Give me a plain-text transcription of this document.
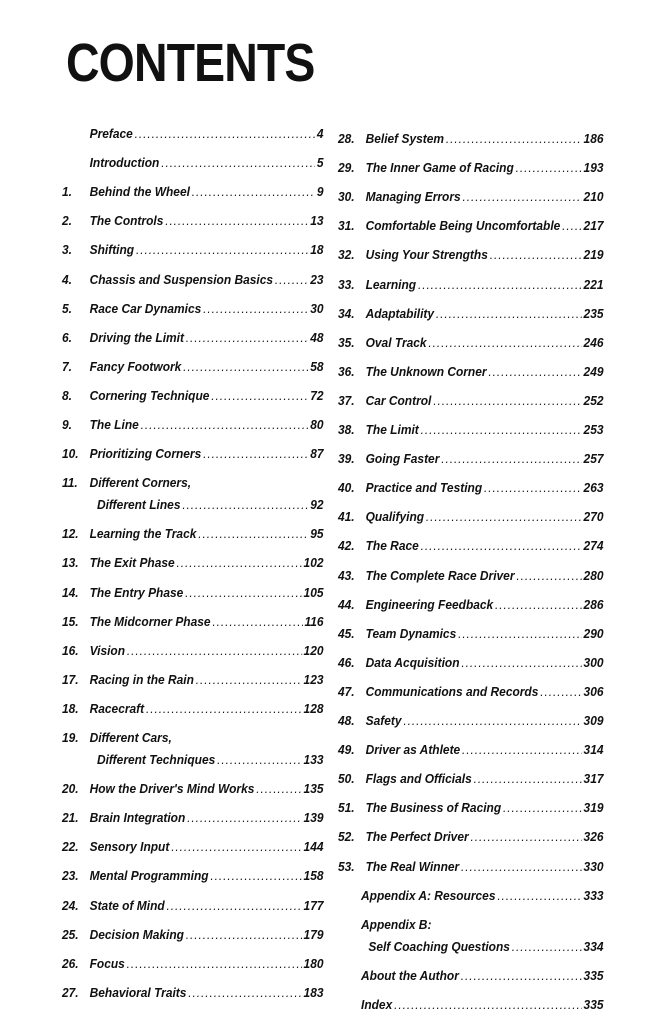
CONTENTS
Preface .....	4
Introduction .....	5
1. Behind the Wheel .....	9
2. The Controls .....	13
3. Shifting .....	18
4. Chassis and Suspension Basics .....	23
5. Race Car Dynamics .....	30
6. Driving the Limit .....	48
7. Fancy Footwork .....	58
8. Cornering Technique .....	72
9. The Line .....	80
10. Prioritizing Corners .....	87
11. Different Corners,
Different Lines .....	92
12. Learning the Track .....	95
13. The Exit Phase .....	102
14. The Entry Phase .....	105
15. The Midcorner Phase .....	116
16. Vision .....	120
17. Racing in the Rain .....	123
18. Racecraft .....	128
19. Different Cars,
Different Techniques .....	133
20. How the Driver's Mind Works .....	135
21. Brain Integration .....	139
22. Sensory Input .....	144
23. Mental Programming .....	158
24. State of Mind .....	177
25. Decision Making .....	179
26. Focus .....	180
27. Behavioral Traits .....	183
28. Belief System .....	186
29. The Inner Game of Racing .....	193
30. Managing Errors .....	210
31. Comfortable Being Uncomfortable ..... 217
32. Using Your Strengths .....	219
33. Learning .....	221
34. Adaptability .....	235
35. Oval Track .....	246
36. The Unknown Corner .....	249
37. Car Control .....	252
38. The Limit .....	253
39. Going Faster .....	257
40. Practice and Testing .....	263
41. Qualifying .....	270
42. The Race .....	274
43. The Complete Race Driver .....	280
44. Engineering Feedback .....	286
45. Team Dynamics .....	290
46. Data Acquisition .....	300
47. Communications and Records .....	306
48. Safety .....	309
49. Driver as Athlete .....	314
50. Flags and Officials .....	317
51. The Business of Racing .....	319
52. The Perfect Driver .....	326
53. The Real Winner .....	330
Appendix A: Resources .....	333
Appendix B:
Self Coaching Questions .....	334
About the Author .....	335
Index .....	335
